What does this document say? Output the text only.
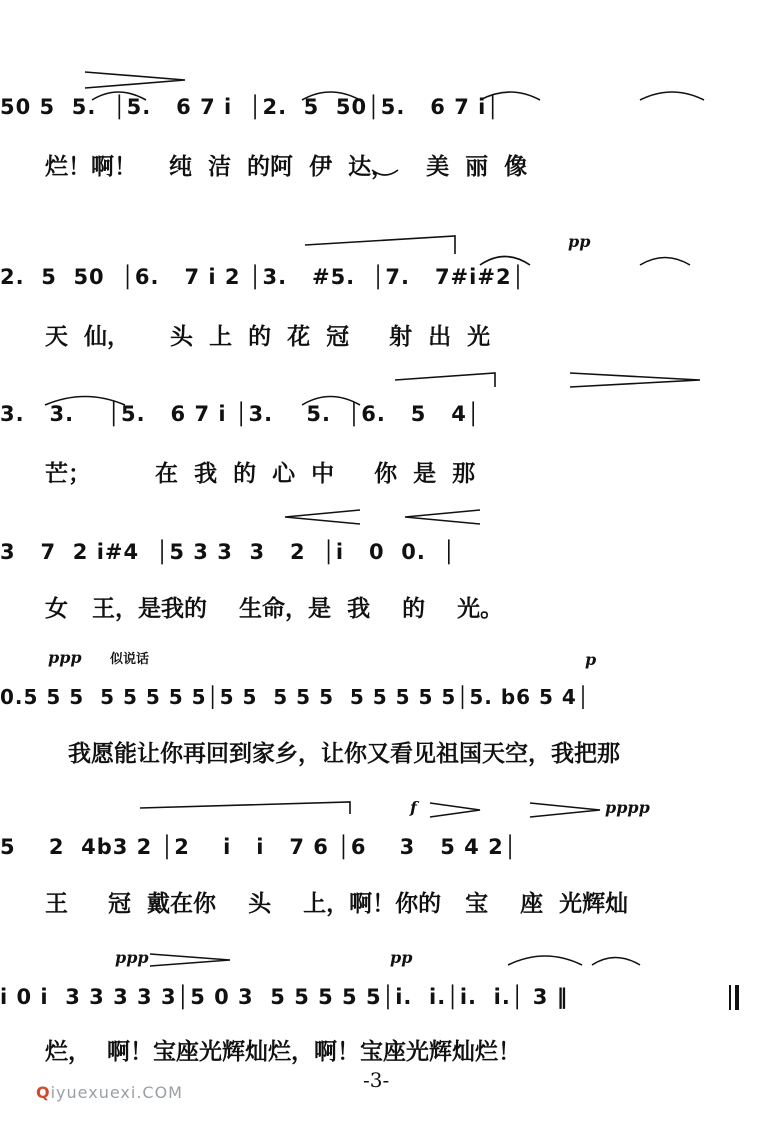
50 5  5.  │5.   6 7 i  │2.  5  50│5.   6 7 i│
烂！啊！    纯  洁  的阿  伊  达，    美  丽  像
pp
2.  5  50  │6.   7 i 2 │3.   #5.  │7.   7#i#2│
天  仙，     头  上  的  花  冠     射  出  光
3.   3.    │5.   6 7 i │3.    5.  │6.   5   4│
芒；        在  我  的  心  中     你  是  那
3   7  2 i#4  │5 3 3  3   2  │i   0  0.  │
女   王，是我的    生命，是  我    的    光。
ppp 似说话	p
0.5 5 5  5 5 5 5 5│5 5  5 5 5  5 5 5 5 5│5. b6 5 4│
我愿能让你再回到家乡，让你又看见祖国天空，我把那
f	pppp
5    2  4b3 2 │2    i   i   7 6 │6    3   5 4 2│
王     冠  戴在你    头    上，啊！你的   宝    座  光辉灿
ppp	pp
i 0 i  3 3 3 3 3│5 0 3  5 5 5 5 5│i.  i.│i.  i.│ 3 ‖
烂，  啊！宝座光辉灿烂，啊！宝座光辉灿烂！
-3-
Qiyuexuexi.COM
